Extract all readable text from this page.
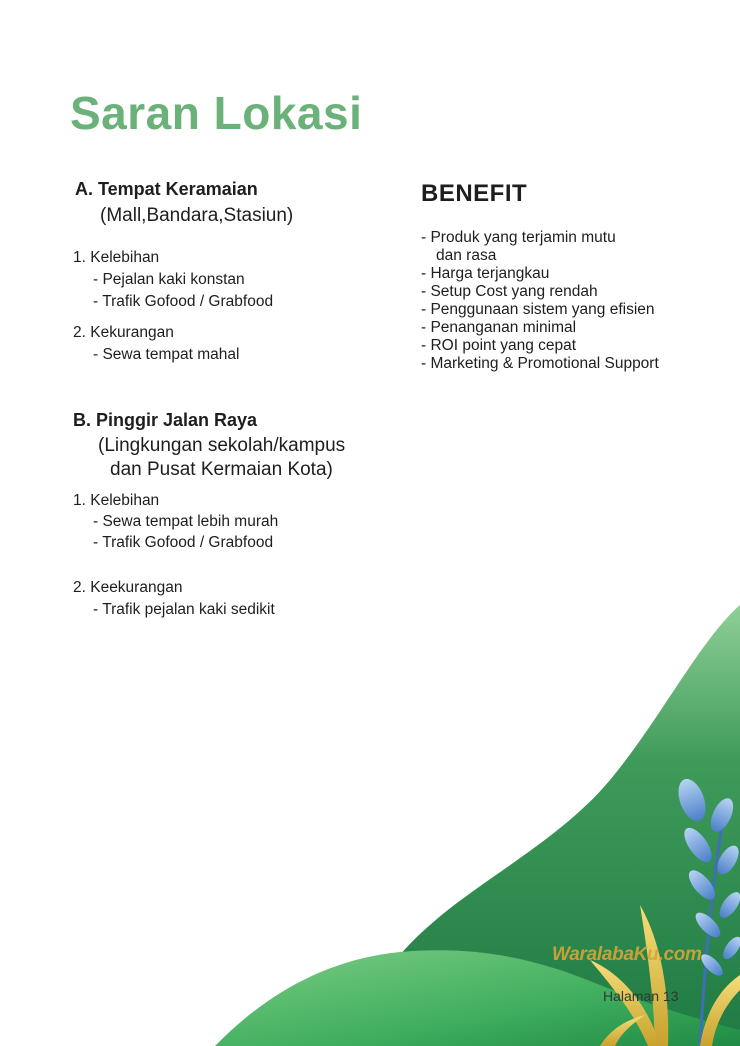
Saran Lokasi
A. Tempat Keramaian
(Mall,Bandara,Stasiun)
1. Kelebihan
- Pejalan kaki konstan
- Trafik Gofood / Grabfood
2. Kekurangan
- Sewa tempat mahal
B. Pinggir Jalan Raya
(Lingkungan sekolah/kampus
dan Pusat Kermaian Kota)
1. Kelebihan
- Sewa tempat lebih murah
- Trafik Gofood / Grabfood
2. Keekurangan
- Trafik pejalan kaki sedikit
BENEFIT
- Produk yang terjamin mutu
dan rasa
- Harga terjangkau
- Setup Cost yang rendah
- Penggunaan sistem yang efisien
- Penanganan minimal
- ROI point yang cepat
- Marketing & Promotional Support
WaralabaKu.com
Halaman 13
